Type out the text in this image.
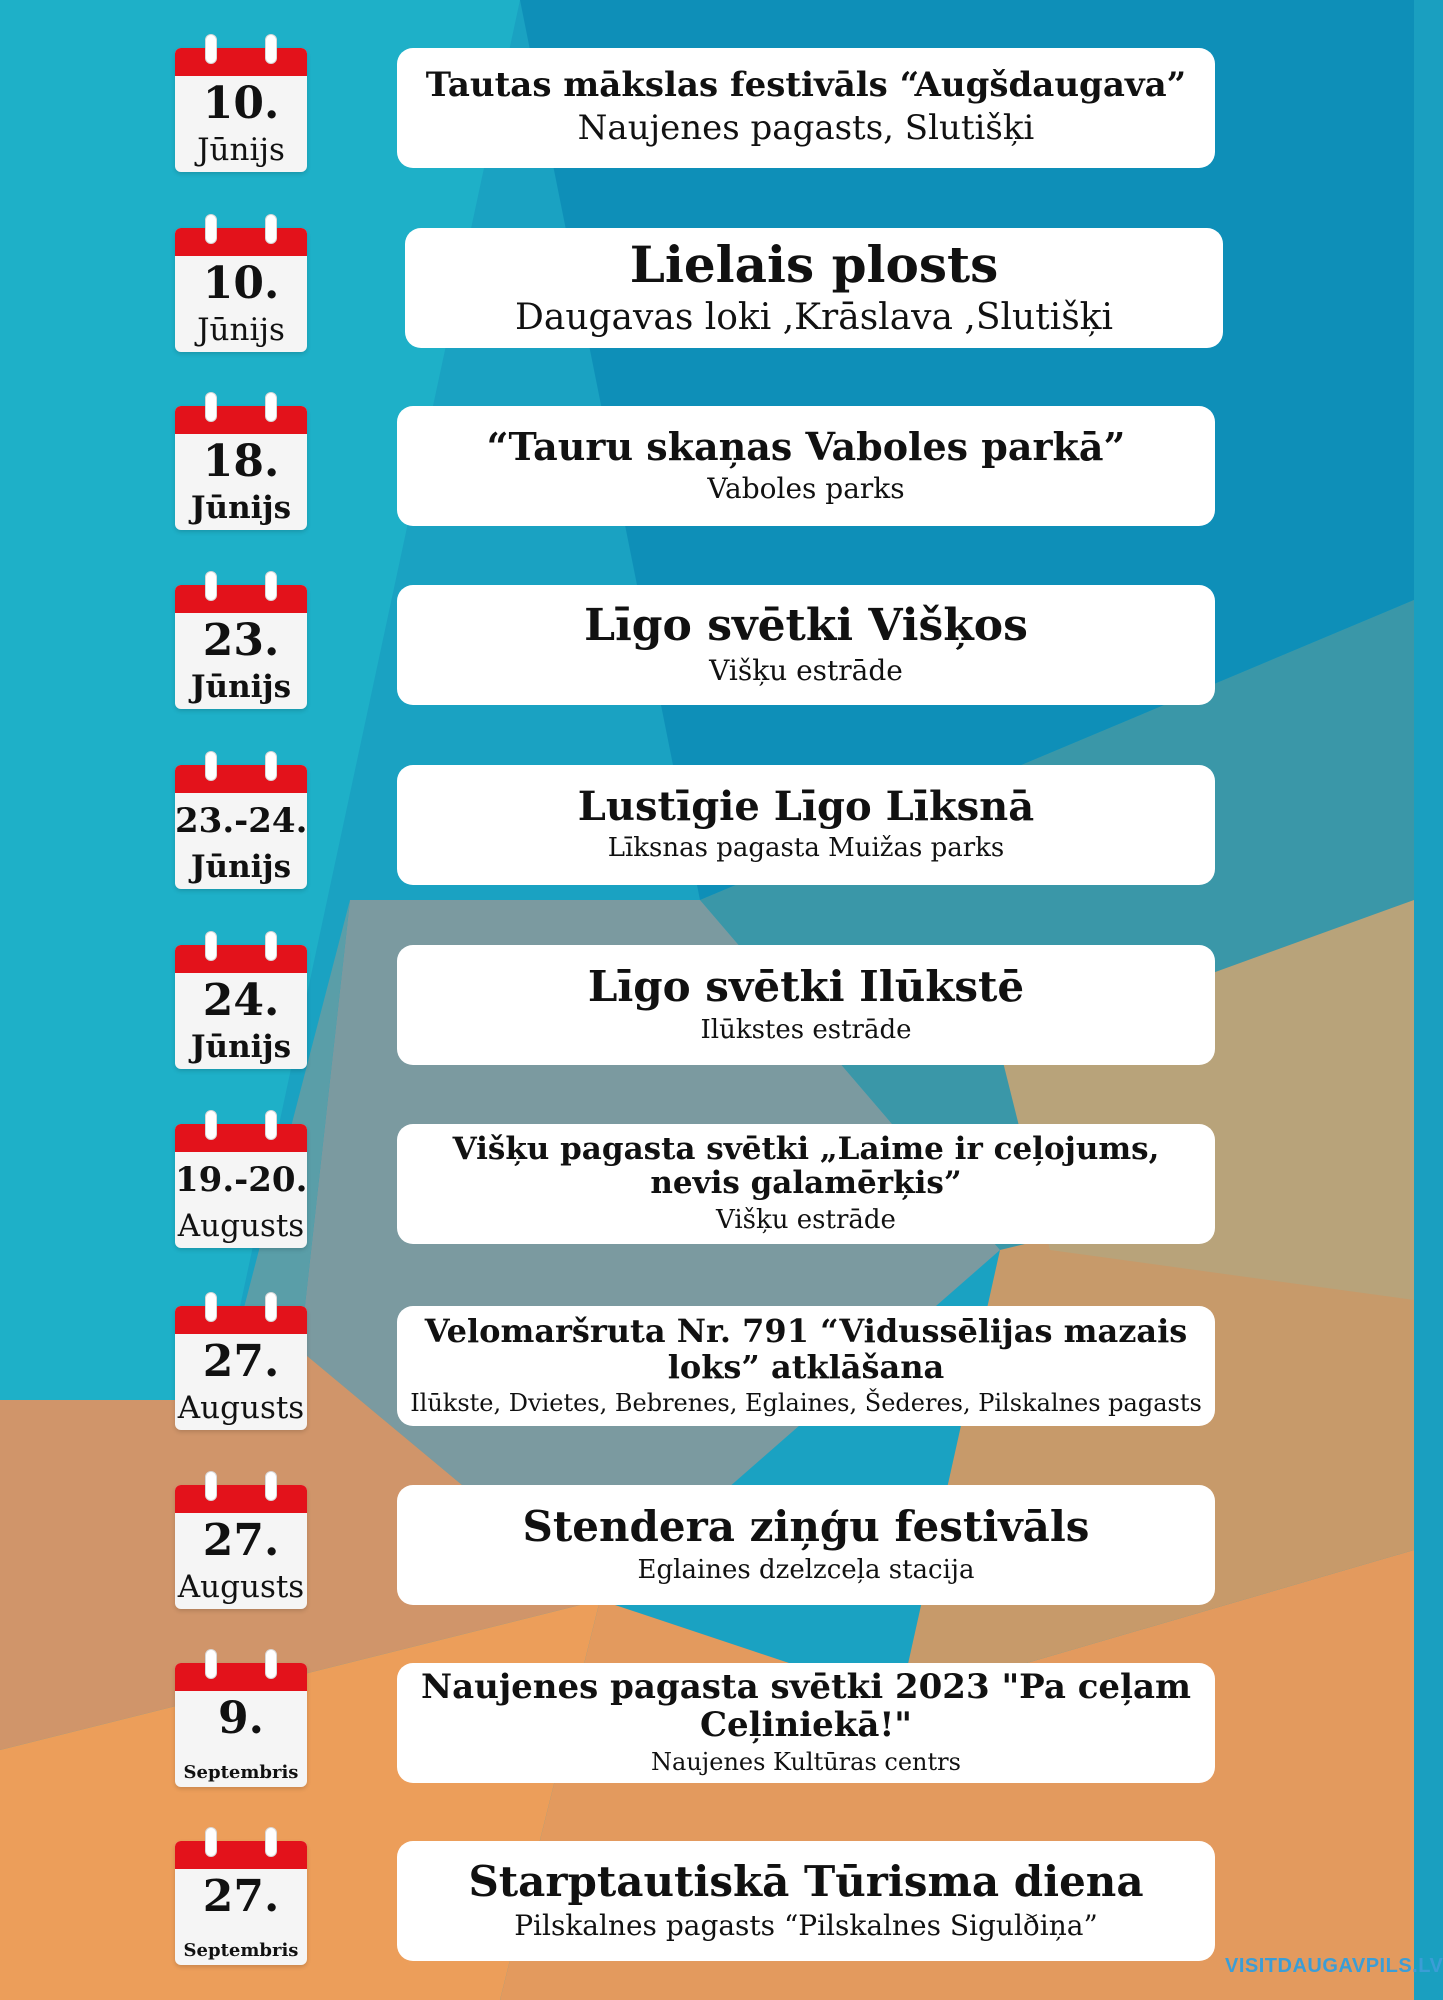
10.
Jūnijs
Tautas mākslas festivāls “Augšdaugava”
Naujenes pagasts, Slutišķi
10.
Jūnijs
Lielais plosts
Daugavas loki ,Krāslava ,Slutišķi
18.
Jūnijs
“Tauru skaņas Vaboles parkā”
Vaboles parks
23.
Jūnijs
Līgo svētki Višķos
Višķu estrāde
23.-24.
Jūnijs
Lustīgie Līgo Līksnā
Līksnas pagasta Muižas parks
24.
Jūnijs
Līgo svētki Ilūkstē
Ilūkstes estrāde
19.-20.
Augusts
Višķu pagasta svētki „Laime ir ceļojums, nevis galamērķis”
Višķu estrāde
27.
Augusts
Velomaršruta Nr. 791 “Vidussēlijas mazais loks” atklāšana
Ilūkste, Dvietes, Bebrenes, Eglaines, Šederes, Pilskalnes pagasts
27.
Augusts
Stendera ziņģu festivāls
Eglaines dzelzceļa stacija
9.
Septembris
Naujenes pagasta svētki 2023 "Pa ceļam Ceļiniekā!"
Naujenes Kultūras centrs
27.
Septembris
Starptautiskā Tūrisma diena
Pilskalnes pagasts “Pilskalnes Sigulðiņa”
VISITDAUGAVPILS.LV
